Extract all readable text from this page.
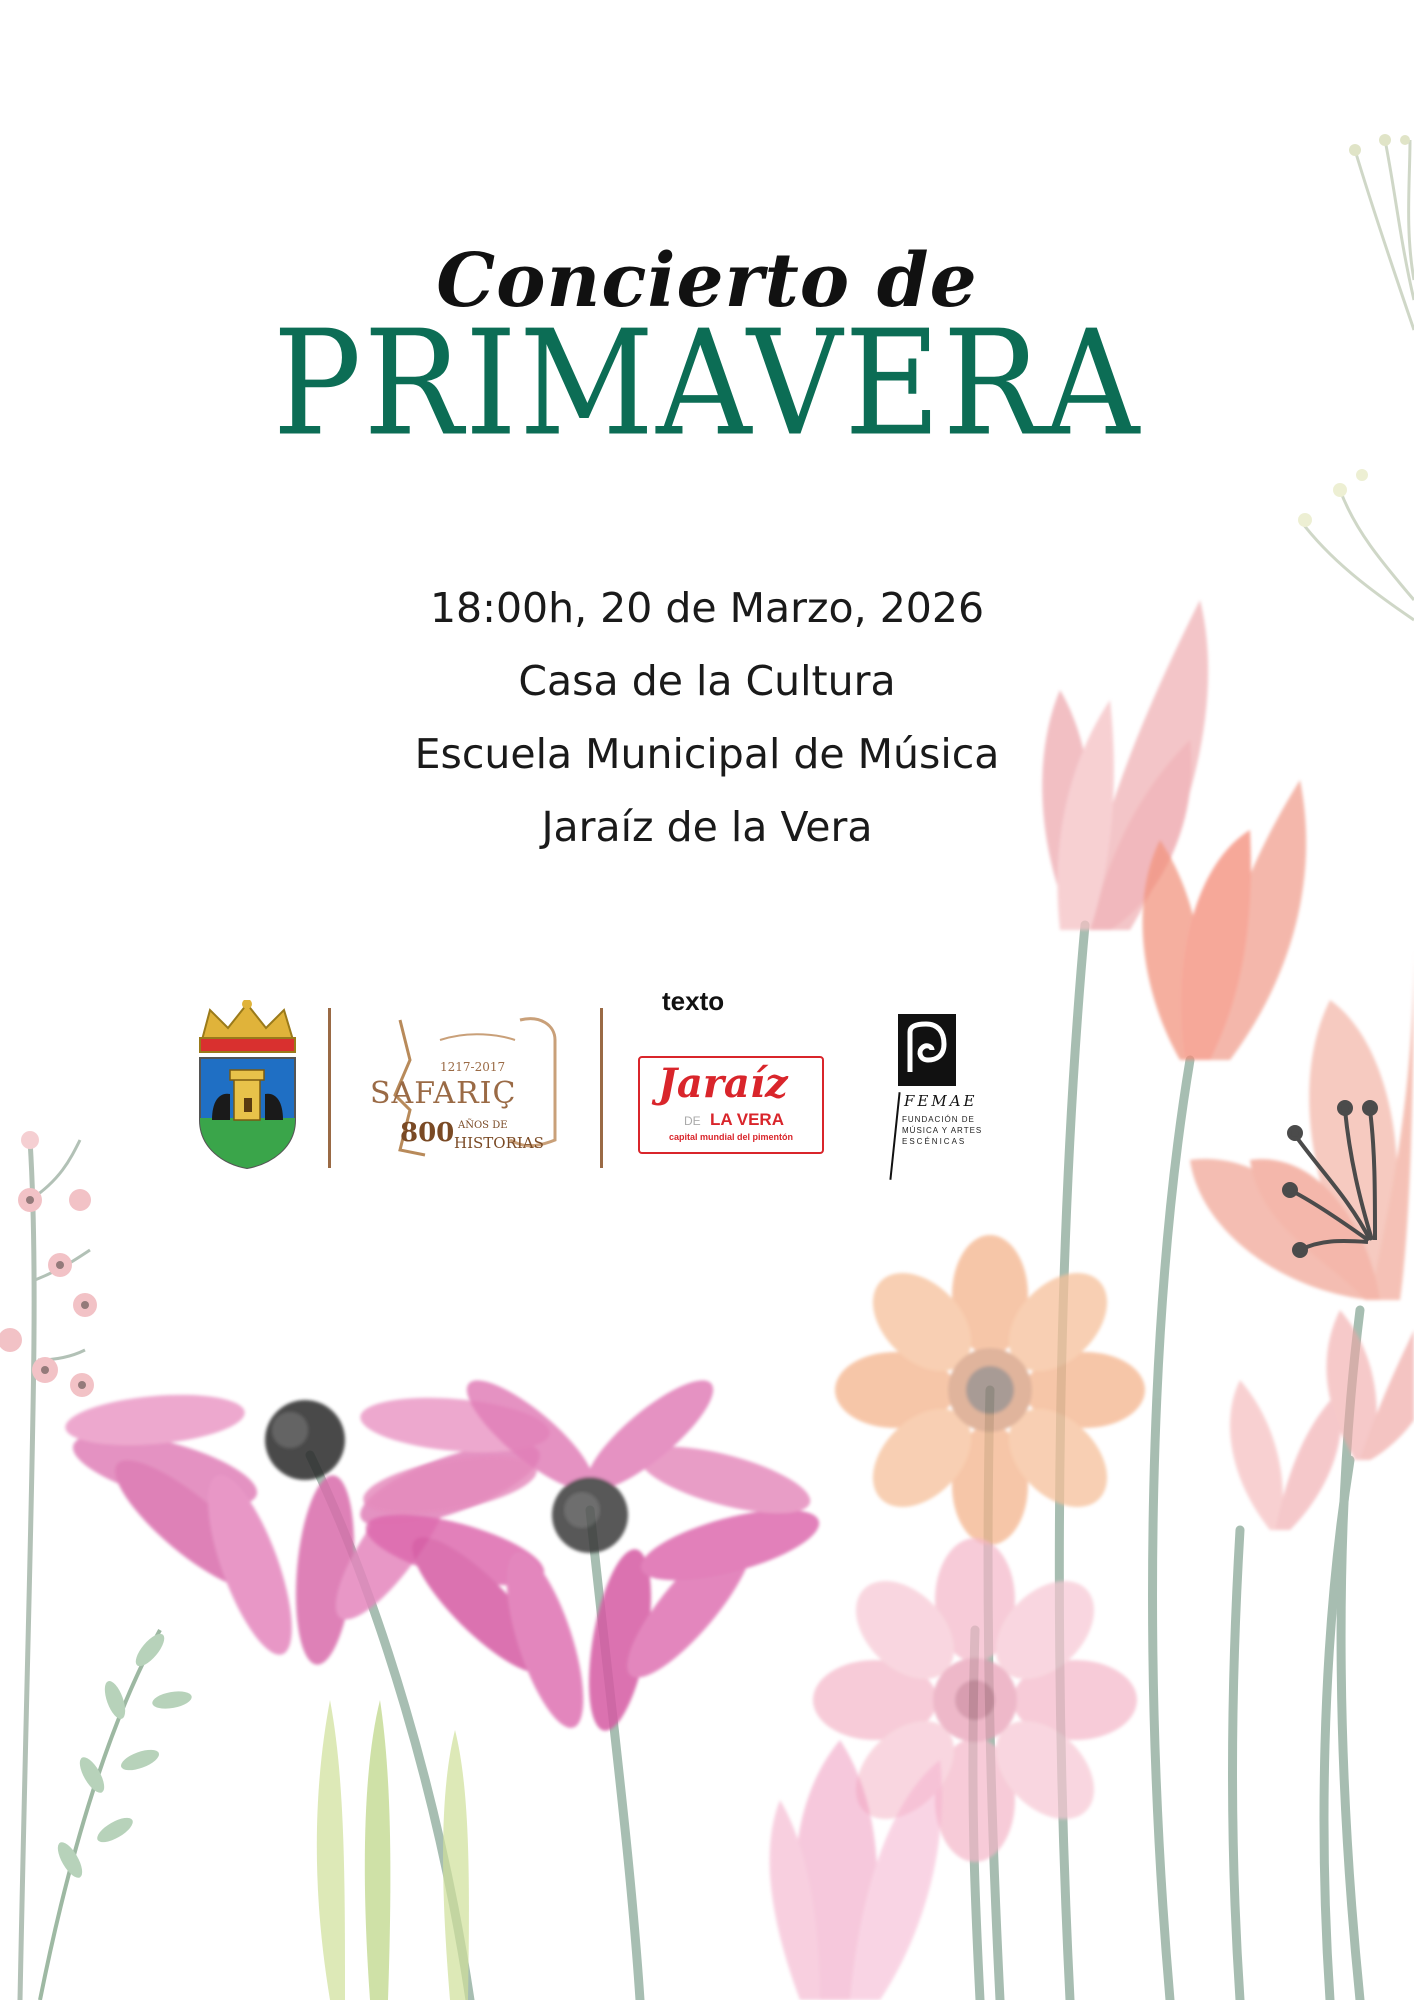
Concierto de
PRIMAVERA
18:00h, 20 de Marzo, 2026
Casa de la Cultura
Escuela Municipal de Música
Jaraíz de la Vera
1217-2017
SAFARIÇ
800 AÑOS DE
HISTORIAS
texto
Jaraíz
DE LA VERA
capital mundial del pimentón
FEMAE
FUNDACIÓN DE
MÚSICA Y ARTES
ESCÉNICAS
